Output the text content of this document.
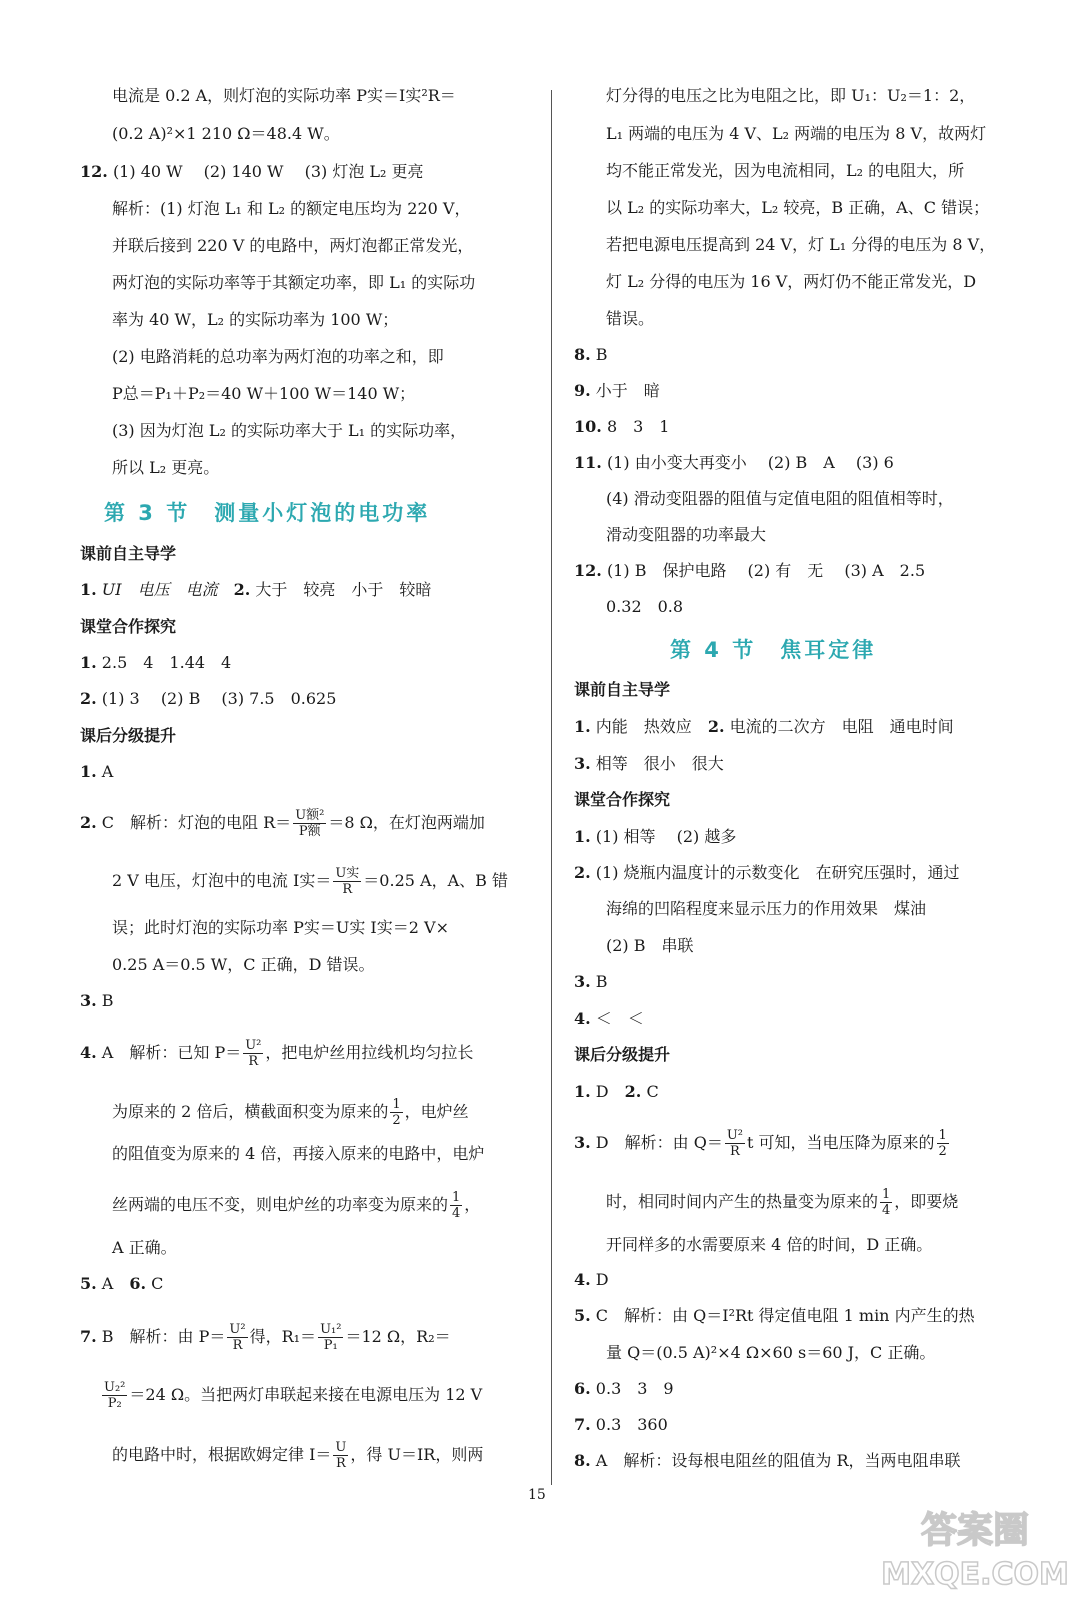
电流是 0.2 A，则灯泡的实际功率 P实＝I实²R＝
(0.2 A)²×1 210 Ω＝48.4 W。
12. (1) 40 W　 (2) 140 W　 (3) 灯泡 L₂ 更亮
解析：(1) 灯泡 L₁ 和 L₂ 的额定电压均为 220 V，
并联后接到 220 V 的电路中，两灯泡都正常发光，
两灯泡的实际功率等于其额定功率，即 L₁ 的实际功
率为 40 W，L₂ 的实际功率为 100 W；
(2) 电路消耗的总功率为两灯泡的功率之和，即
P总＝P₁＋P₂＝40 W＋100 W＝140 W；
(3) 因为灯泡 L₂ 的实际功率大于 L₁ 的实际功率，
所以 L₂ 更亮。
第 3 节　测量小灯泡的电功率
课前自主导学
1. UI　电压　电流　2. 大于　较亮　小于　较暗
课堂合作探究
1. 2.5　4　1.44　4
2. (1) 3　 (2) B　 (3) 7.5　0.625
课后分级提升
1. A
2. C　解析：灯泡的电阻 $R= \frac{\text{U额²}}{\text{P额}} =8$ Ω，在灯泡两端加
2 V 电压，灯泡中的电流 I实＝ $\frac{\text{U实}}{R} =0.25$ A，A、B 错
误；此时灯泡的实际功率 P实＝U实 I实＝2 V×
0.25 A＝0.5 W，C 正确，D 错误。
3. B
4. A　解析：已知 $P= \frac{\text{U²}}{R}$ ，把电炉丝用拉线机均匀拉长
为原来的 2 倍后，横截面积变为原来的 $\frac{1}{2}$ ，电炉丝
的阻值变为原来的 4 倍，再接入原来的电路中，电炉
丝两端的电压不变，则电炉丝的功率变为原来的 $\frac{1}{4}$ ，
A 正确。
5. A　6. C
7. B　解析：由 $P= \frac{\text{U²}}{R}$ 得，$R_1= \frac{\text{U₁²}}{\text{P₁}} =12$ Ω，R₂＝
$\frac{\text{U₂²}}{\text{P₂}} =24$ Ω。当把两灯串联起来接在电源电压为 12 V
的电路中时，根据欧姆定律 $I= \frac{U}{R}$ ，得 U＝IR，则两
灯分得的电压之比为电阻之比，即 U₁：U₂＝1：2，
L₁ 两端的电压为 4 V、L₂ 两端的电压为 8 V，故两灯
均不能正常发光，因为电流相同，L₂ 的电阻大，所
以 L₂ 的实际功率大，L₂ 较亮，B 正确，A、C 错误；
若把电源电压提高到 24 V，灯 L₁ 分得的电压为 8 V，
灯 L₂ 分得的电压为 16 V，两灯仍不能正常发光，D
错误。
8. B
9. 小于　暗
10. 8　3　1
11. (1) 由小变大再变小　 (2) B　A　 (3) 6
(4) 滑动变阻器的阻值与定值电阻的阻值相等时，
滑动变阻器的功率最大
12. (1) B　保护电路　 (2) 有　无　 (3) A　2.5
0.32　0.8
第 4 节　焦耳定律
课前自主导学
1. 内能　热效应　2. 电流的二次方　电阻　通电时间
3. 相等　很小　很大
课堂合作探究
1. (1) 相等　 (2) 越多
2. (1) 烧瓶内温度计的示数变化　在研究压强时，通过
海绵的凹陷程度来显示压力的作用效果　煤油
(2) B　串联
3. B
4. ＜　＜
课后分级提升
1. D　2. C
3. D　解析：由 $Q= \frac{\text{U²}}{R}$ t 可知，当电压降为原来的 $\frac{1}{2}$
时，相同时间内产生的热量变为原来的 $\frac{1}{4}$ ，即要烧
开同样多的水需要原来 4 倍的时间，D 正确。
4. D
5. C　解析：由 Q＝I²Rt 得定值电阻 1 min 内产生的热
量 Q＝(0.5 A)²×4 Ω×60 s＝60 J，C 正确。
6. 0.3　3　9
7. 0.3　360
8. A　解析：设每根电阻丝的阻值为 R，当两电阻串联
15
答案圈
MXQE.COM
